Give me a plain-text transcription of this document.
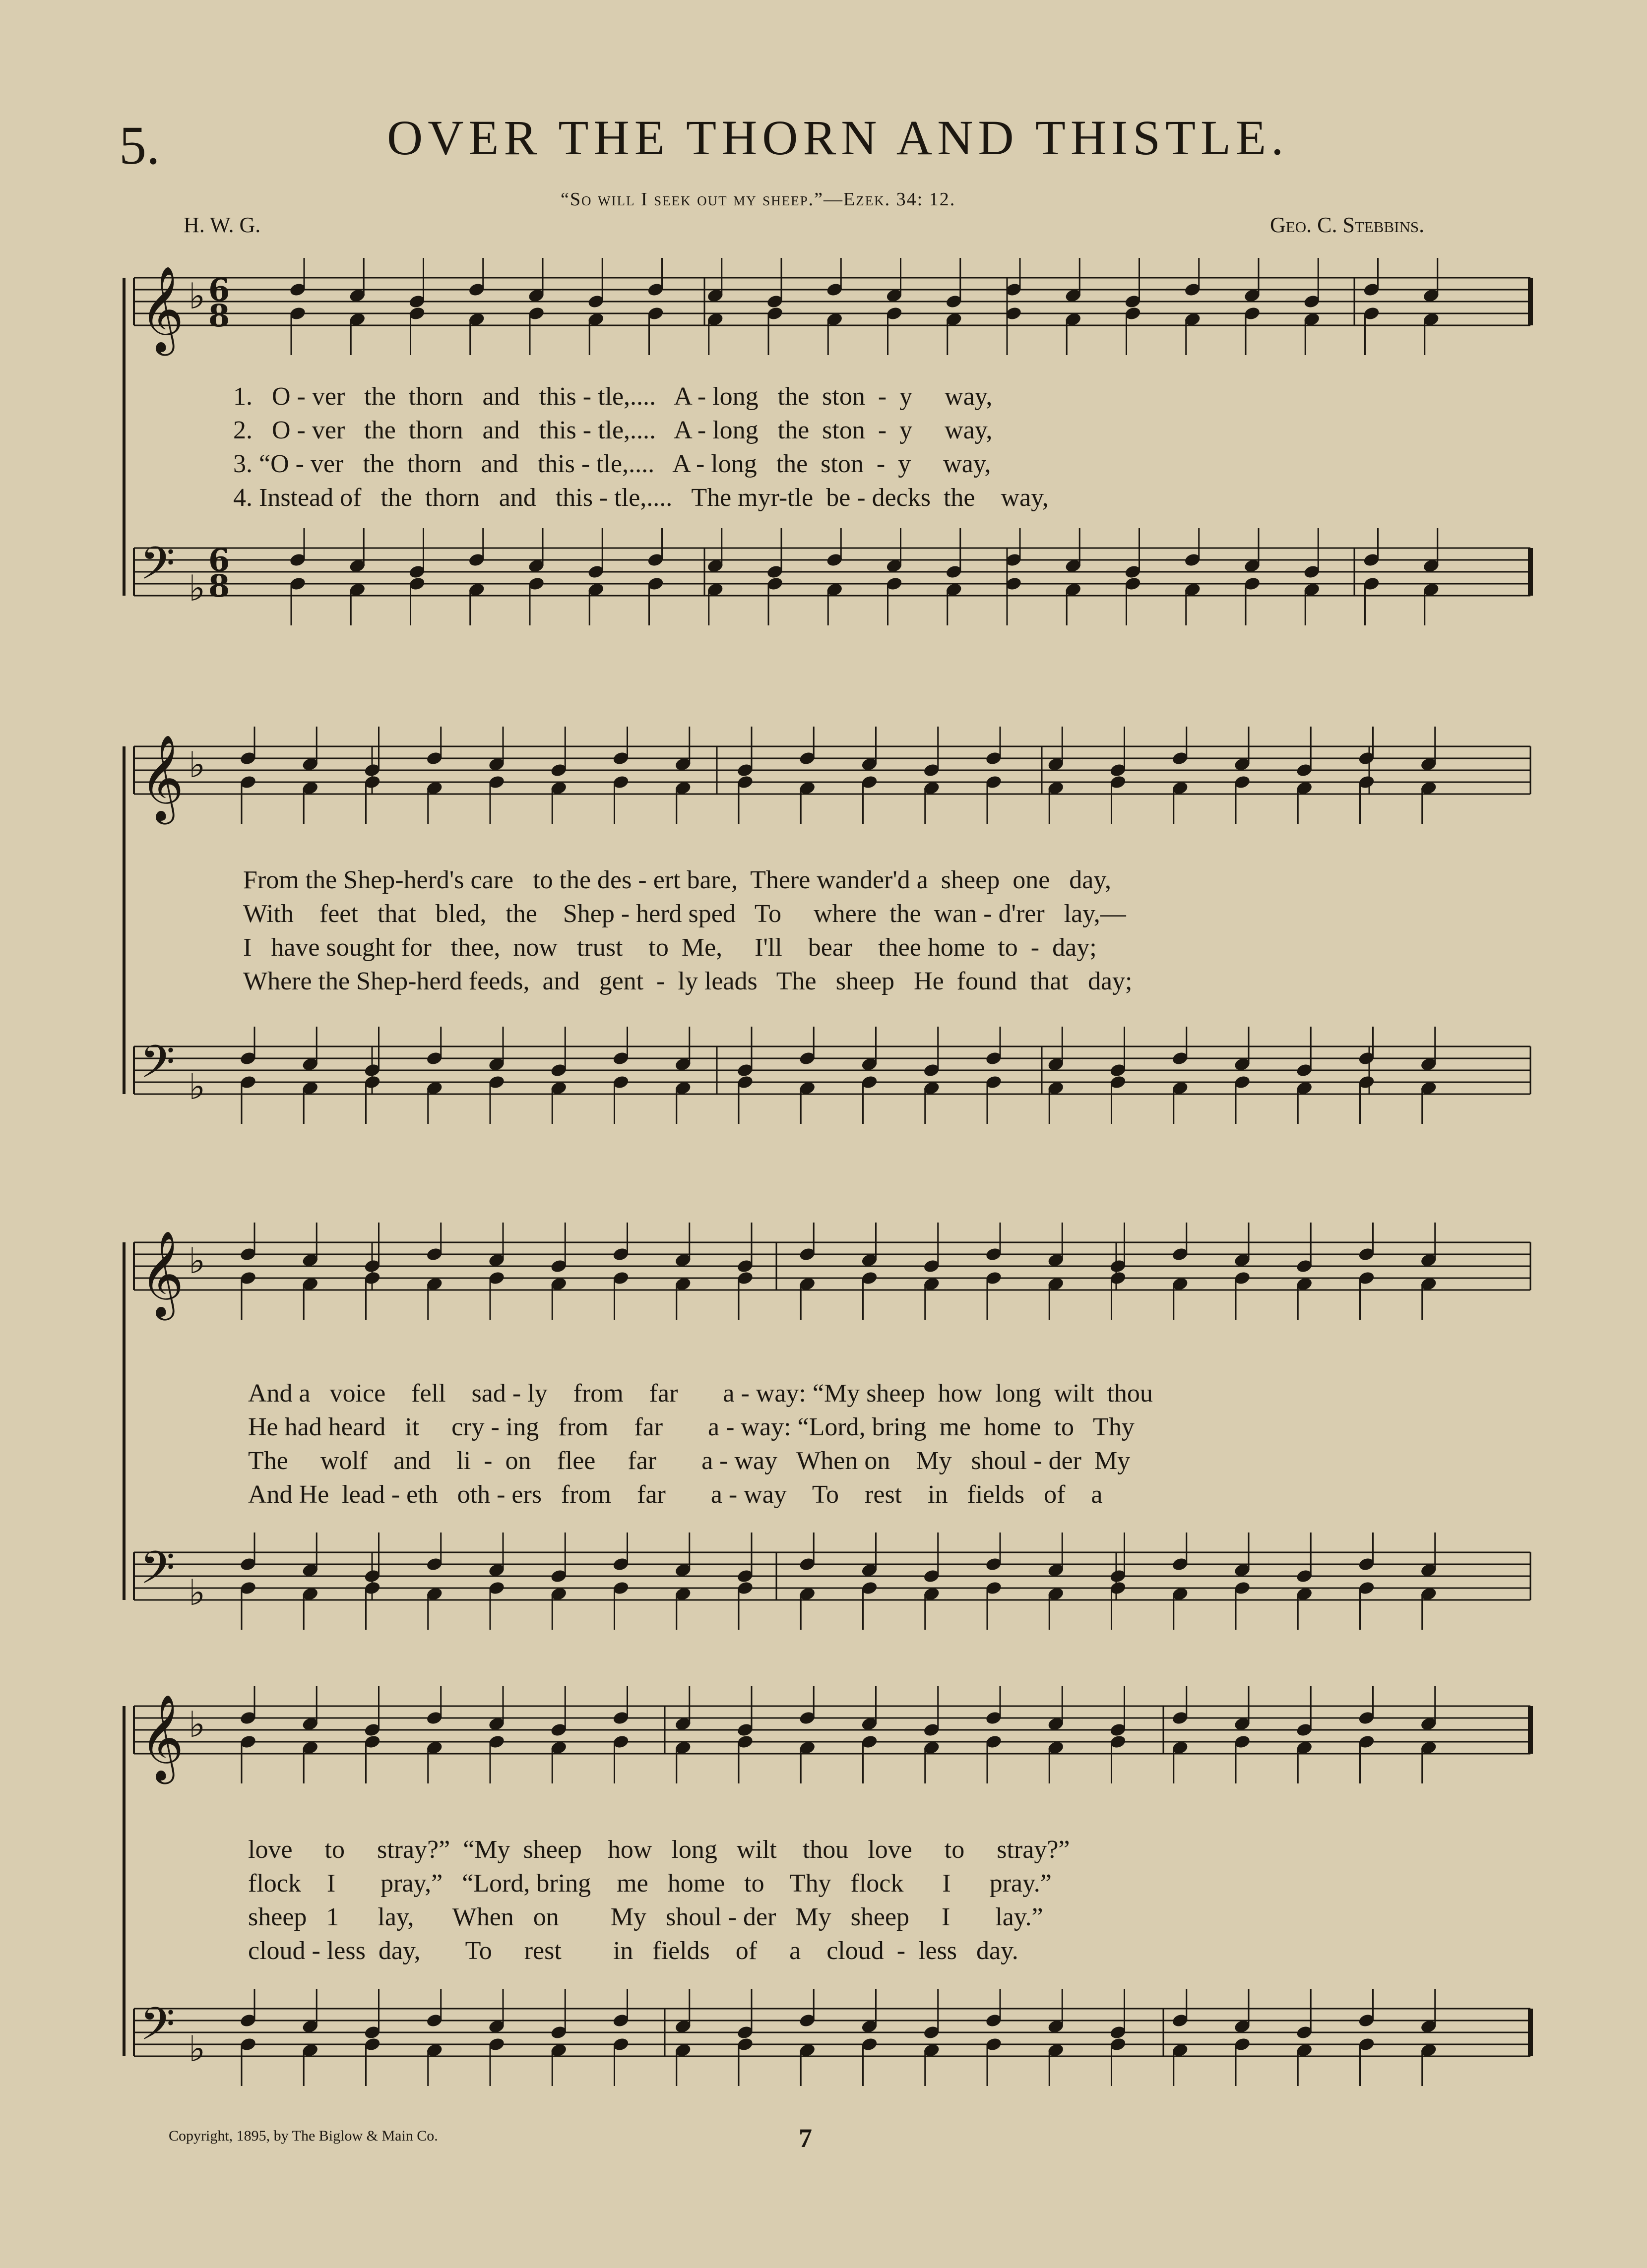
5.	OVER THE THORN AND THISTLE.
“So will I seek out my sheep.”—Ezek. 34: 12.
H. W. G.	Geo. C. Stebbins.
𝄞 ♭ 6
8
𝄢 ♭
6
8
𝄞 ♭
𝄢 ♭
𝄞 ♭
𝄢 ♭
𝄞 ♭
𝄢 ♭
1.   O - ver   the  thorn   and   this - tle,....   A - long   the  ston  -  y     way,
2.   O - ver   the  thorn   and   this - tle,....   A - long   the  ston  -  y     way,
3. “O - ver   the  thorn   and   this - tle,....   A - long   the  ston  -  y     way,
4. Instead of   the  thorn   and   this - tle,....   The myr-tle  be - decks  the    way,
From the Shep-herd's care   to the des - ert bare,  There wander'd a  sheep  one   day,
With    feet   that   bled,   the    Shep - herd sped   To     where  the  wan - d'rer   lay,—
I   have sought for   thee,  now   trust    to  Me,     I'll    bear    thee home  to  -  day;
Where the Shep-herd feeds,  and   gent  -  ly leads   The   sheep   He  found  that   day;
And a   voice    fell    sad - ly    from    far       a - way: “My sheep  how  long  wilt  thou
He had heard   it     cry - ing   from    far       a - way: “Lord, bring  me  home  to   Thy
The     wolf    and    li  -  on    flee     far       a - way   When on    My   shoul - der  My
And He  lead - eth   oth - ers   from    far       a - way    To    rest    in   fields   of    a
love     to     stray?”  “My  sheep    how   long   wilt    thou   love     to     stray?”
flock    I       pray,”   “Lord, bring    me   home   to    Thy   flock      I      pray.”
sheep   1      lay,      When   on        My   shoul - der   My   sheep     I       lay.”
cloud - less  day,       To     rest        in   fields    of     a    cloud  -  less   day.
Copyright, 1895, by The Biglow & Main Co.	7
